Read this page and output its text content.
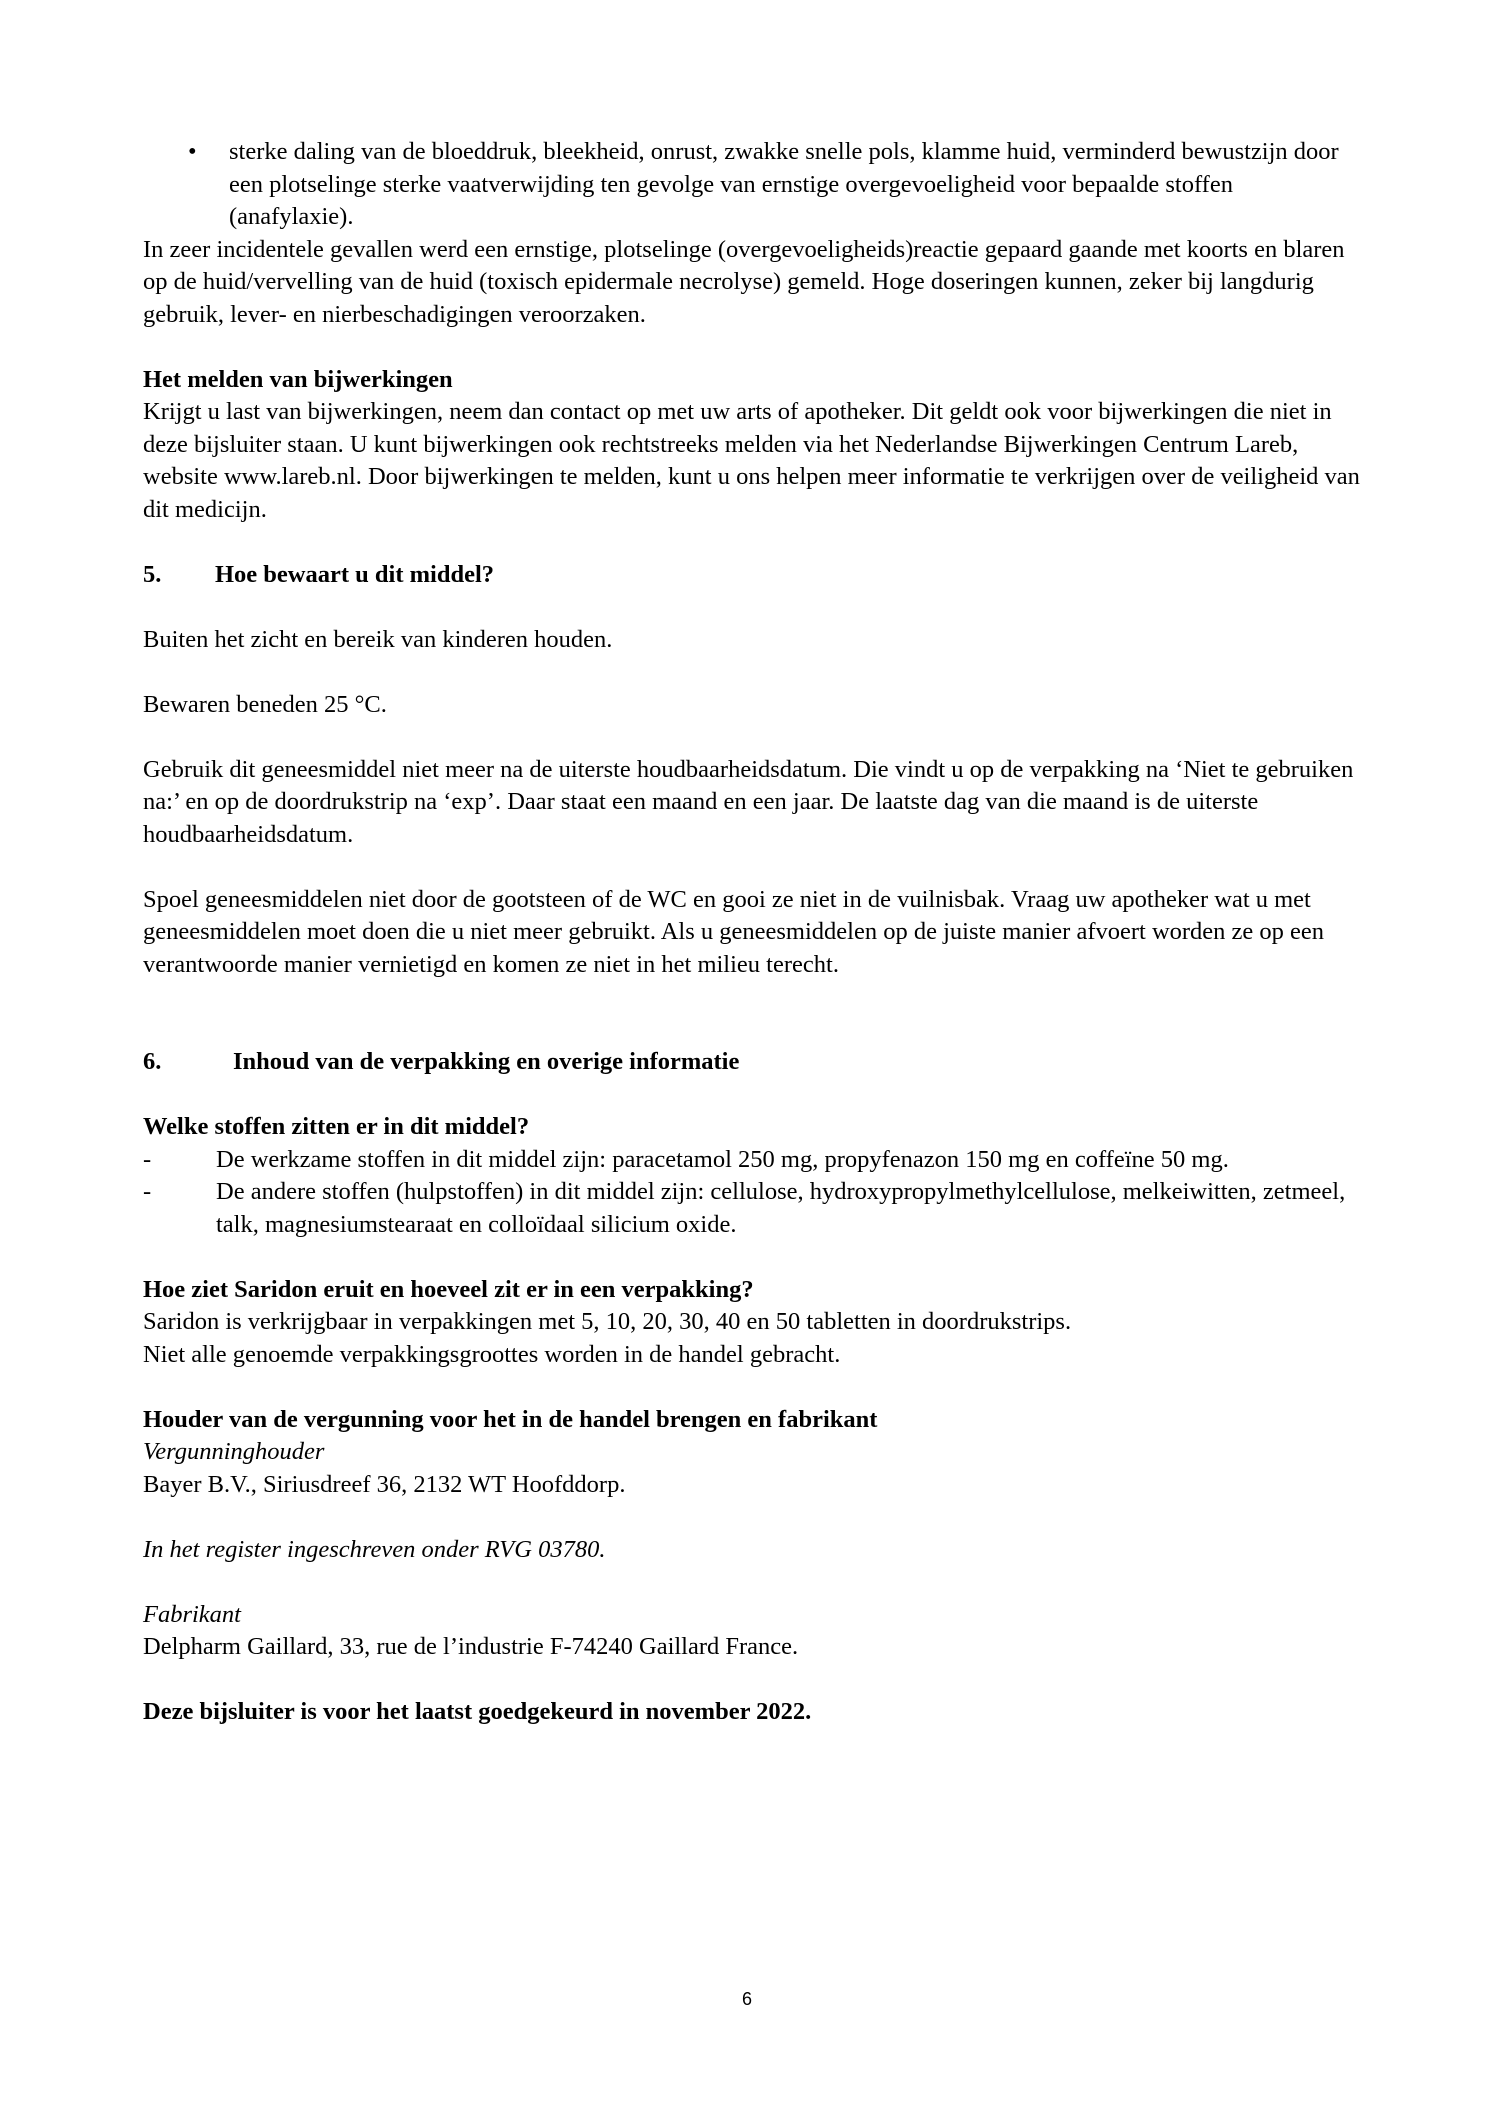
• sterke daling van de bloeddruk, bleekheid, onrust, zwakke snelle pols, klamme huid, verminderd bewustzijn door een plotselinge sterke vaatverwijding ten gevolge van ernstige overgevoeligheid voor bepaalde stoffen (anafylaxie).

In zeer incidentele gevallen werd een ernstige, plotselinge (overgevoeligheids)reactie gepaard gaande met koorts en blaren op de huid/vervelling van de huid (toxisch epidermale necrolyse) gemeld. Hoge doseringen kunnen, zeker bij langdurig gebruik, lever- en nierbeschadigingen veroorzaken.

Het melden van bijwerkingen

Krijgt u last van bijwerkingen, neem dan contact op met uw arts of apotheker. Dit geldt ook voor bijwerkingen die niet in deze bijsluiter staan. U kunt bijwerkingen ook rechtstreeks melden via het Nederlandse Bijwerkingen Centrum Lareb, website www.lareb.nl. Door bijwerkingen te melden, kunt u ons helpen meer informatie te verkrijgen over de veiligheid van dit medicijn.

5.	Hoe bewaart u dit middel?

Buiten het zicht en bereik van kinderen houden.

Bewaren beneden 25 °C.

Gebruik dit geneesmiddel niet meer na de uiterste houdbaarheidsdatum. Die vindt u op de verpakking na ‘Niet te gebruiken na:’ en op de doordrukstrip na ‘exp’. Daar staat een maand en een jaar. De laatste dag van die maand is de uiterste houdbaarheidsdatum.

Spoel geneesmiddelen niet door de gootsteen of de WC en gooi ze niet in de vuilnisbak. Vraag uw apotheker wat u met geneesmiddelen moet doen die u niet meer gebruikt. Als u geneesmiddelen op de juiste manier afvoert worden ze op een verantwoorde manier vernietigd en komen ze niet in het milieu terecht.

6.	Inhoud van de verpakking en overige informatie

Welke stoffen zitten er in dit middel?

-	De werkzame stoffen in dit middel zijn: paracetamol 250 mg, propyfenazon 150 mg en coffeïne 50 mg.

-	De andere stoffen (hulpstoffen) in dit middel zijn: cellulose, hydroxypropylmethylcellulose, melkeiwitten, zetmeel, talk, magnesiumstearaat en colloïdaal silicium oxide.

Hoe ziet Saridon eruit en hoeveel zit er in een verpakking?

Saridon is verkrijgbaar in verpakkingen met 5, 10, 20, 30, 40 en 50 tabletten in doordrukstrips.

Niet alle genoemde verpakkingsgroottes worden in de handel gebracht.

Houder van de vergunning voor het in de handel brengen en fabrikant

Vergunninghouder

Bayer B.V., Siriusdreef 36, 2132 WT Hoofddorp.

In het register ingeschreven onder RVG 03780.

Fabrikant

Delpharm Gaillard, 33, rue de l’industrie F-74240 Gaillard France.

Deze bijsluiter is voor het laatst goedgekeurd in november 2022.

6
